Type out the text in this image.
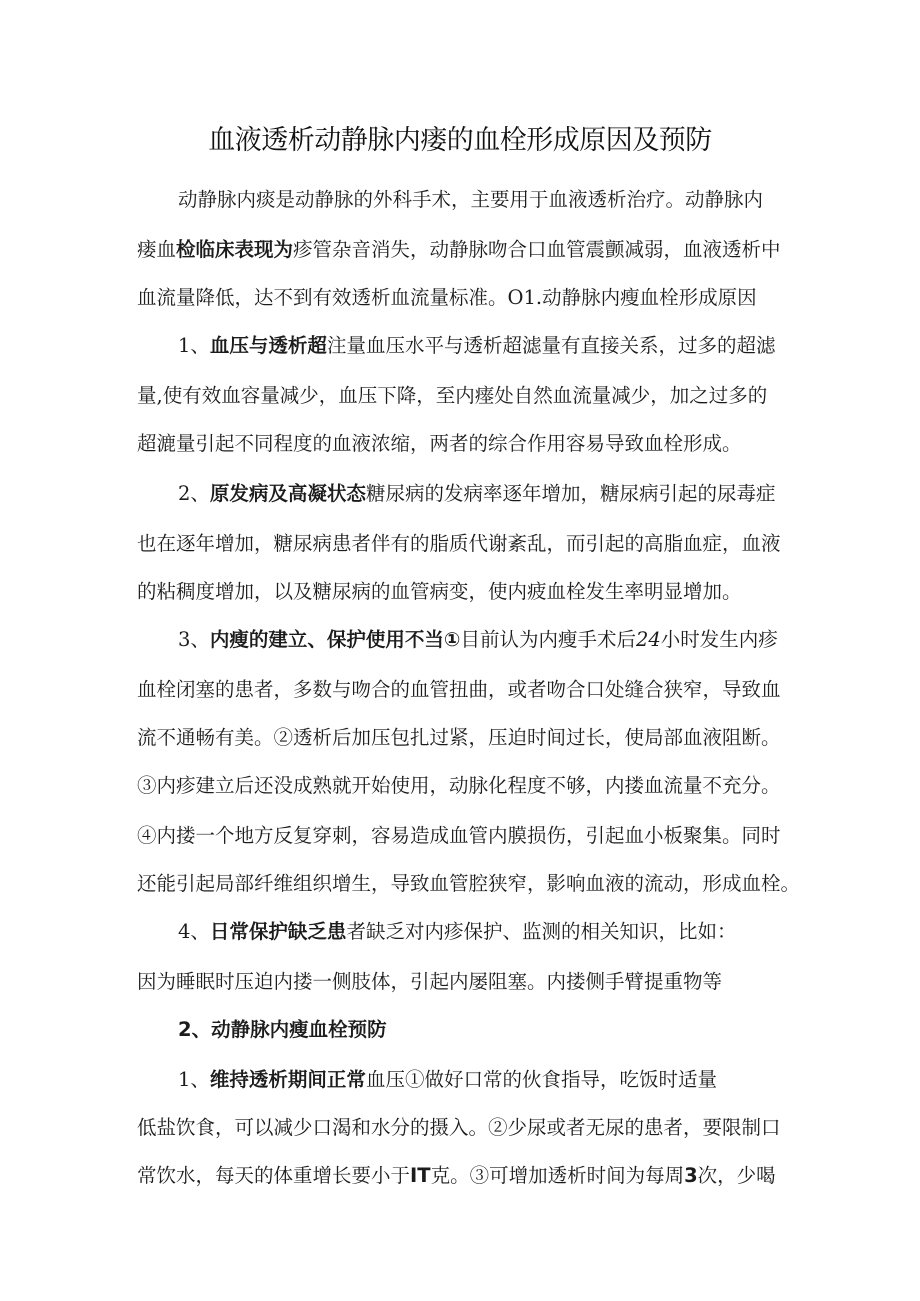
血液透析动静脉内瘘的血栓形成原因及预防
动静脉内痰是动静脉的外科手术，主要用于血液透析治疗。动静脉内
瘘血检临床表现为疹管杂音消失，动静脉吻合口血管震颤减弱，血液透析中
血流量降低，达不到有效透析血流量标准。O1.动静脉内瘦血栓形成原因
1、血压与透析超注量血压水平与透析超滤量有直接关系，过多的超滤
量,使有效血容量减少，血压下降，至内瘗处自然血流量减少，加之过多的
超漉量引起不同程度的血液浓缩，两者的综合作用容易导致血栓形成。
2、原发病及高凝状态糖尿病的发病率逐年增加，糖尿病引起的尿毒症
也在逐年增加，糖尿病患者伴有的脂质代谢紊乱，而引起的高脂血症，血液
的粘稠度增加，以及糖尿病的血管病变，使内疲血栓发生率明显增加。
3、内瘦的建立、保护使用不当①目前认为内瘦手术后24小时发生内疹
血栓闭塞的患者，多数与吻合的血管扭曲，或者吻合口处缝合狭窄，导致血
流不通畅有美。②透析后加压包扎过紧，压迫时间过长，使局部血液阻断。
③内疹建立后还没成熟就开始使用，动脉化程度不够，内搂血流量不充分。
④内搂一个地方反复穿刺，容易造成血管内膜损伤，引起血小板聚集。同时
还能引起局部纤维组织增生，导致血管腔狭窄，影响血液的流动，形成血栓。
4、日常保护缺乏患者缺乏对内疹保护、监测的相关知识，比如：
因为睡眠时压迫内搂一侧肢体，引起内屡阻塞。内搂侧手臂提重物等
2、动静脉内瘦血栓预防
1、维持透析期间正常血压①做好口常的伙食指导，吃饭时适量
低盐饮食，可以减少口渴和水分的摄入。②少尿或者无尿的患者，要限制口
常饮水，每天的体重增长要小于IT克。③可增加透析时间为每周3次，少喝
